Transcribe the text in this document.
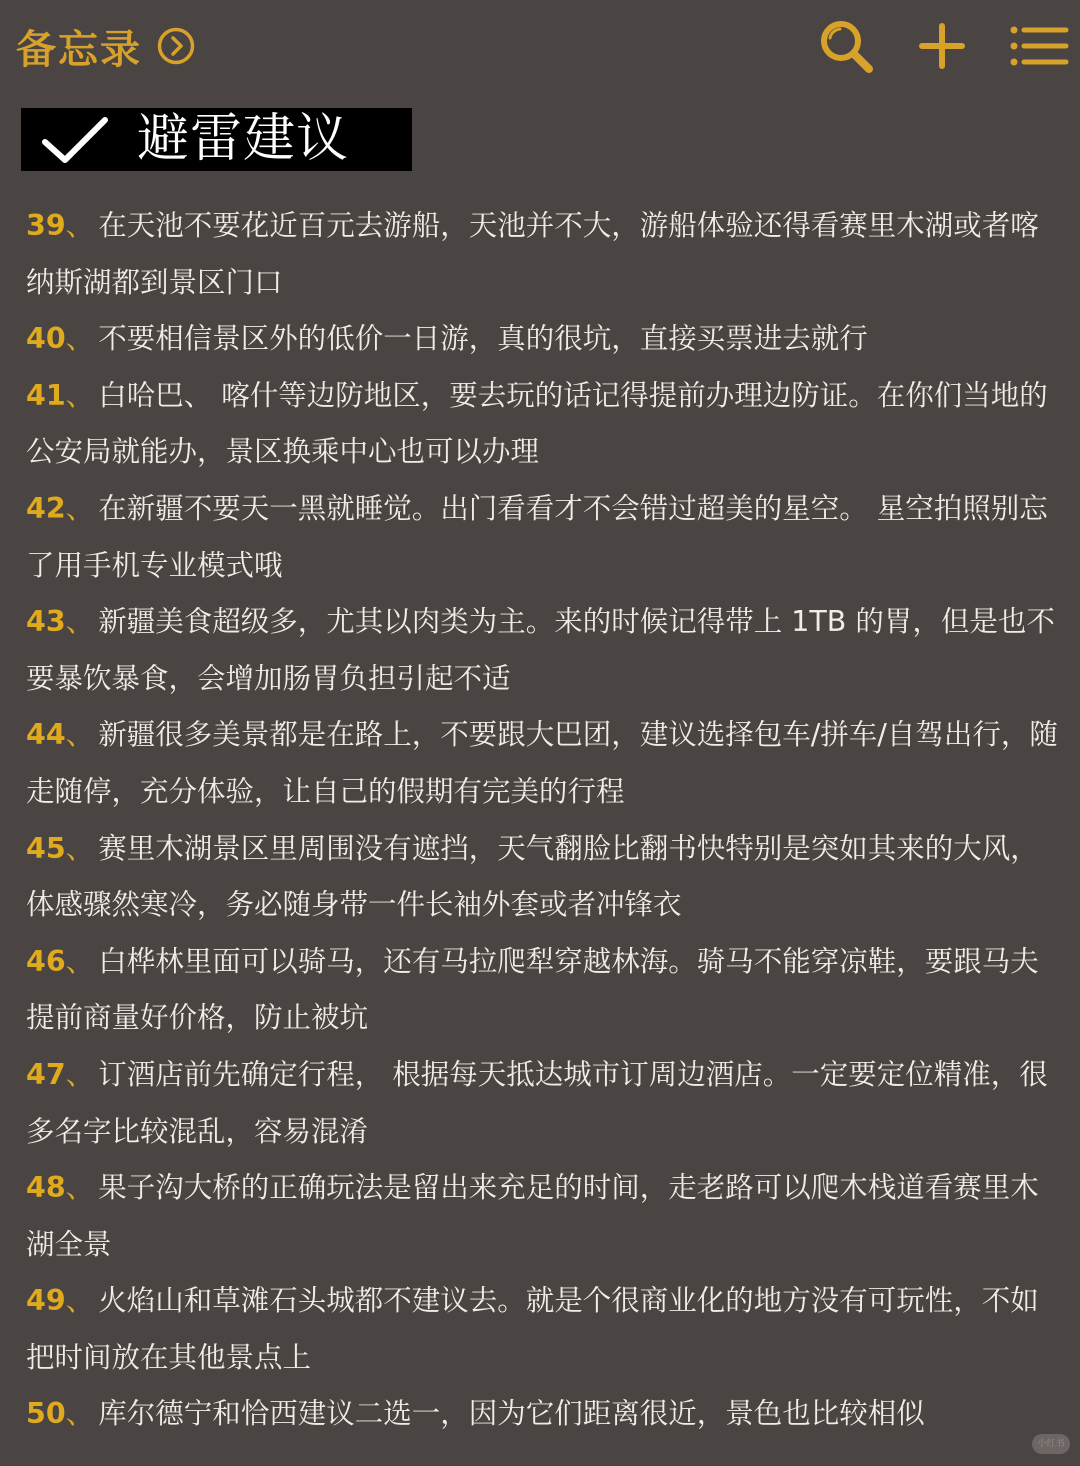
备忘录
避雷建议
39、 在天池不要花近百元去游船，天池并不大，游船体验还得看赛里木湖或者喀纳斯湖都到景区门口
40、 不要相信景区外的低价一日游，真的很坑，直接买票进去就行
41、 白哈巴、 喀什等边防地区，要去玩的话记得提前办理边防证。在你们当地的公安局就能办，景区换乘中心也可以办理
42、 在新疆不要天一黑就睡觉。出门看看才不会错过超美的星空。 星空拍照别忘了用手机专业模式哦
43、 新疆美食超级多，尤其以肉类为主。来的时候记得带上 1TB 的胃，但是也不要暴饮暴食，会增加肠胃负担引起不适
44、 新疆很多美景都是在路上，不要跟大巴团，建议选择包车/拼车/自驾出行，随走随停，充分体验，让自己的假期有完美的行程
45、 赛里木湖景区里周围没有遮挡，天气翻脸比翻书快特别是突如其来的大风，体感骤然寒冷，务必随身带一件长袖外套或者冲锋衣
46、 白桦林里面可以骑马，还有马拉爬犁穿越林海。骑马不能穿凉鞋，要跟马夫提前商量好价格，防止被坑
47、 订酒店前先确定行程， 根据每天抵达城市订周边酒店。一定要定位精准，很多名字比较混乱，容易混淆
48、 果子沟大桥的正确玩法是留出来充足的时间，走老路可以爬木栈道看赛里木湖全景
49、 火焰山和草滩石头城都不建议去。就是个很商业化的地方没有可玩性，不如把时间放在其他景点上
50、 库尔德宁和恰西建议二选一，因为它们距离很近，景色也比较相似
小红书
